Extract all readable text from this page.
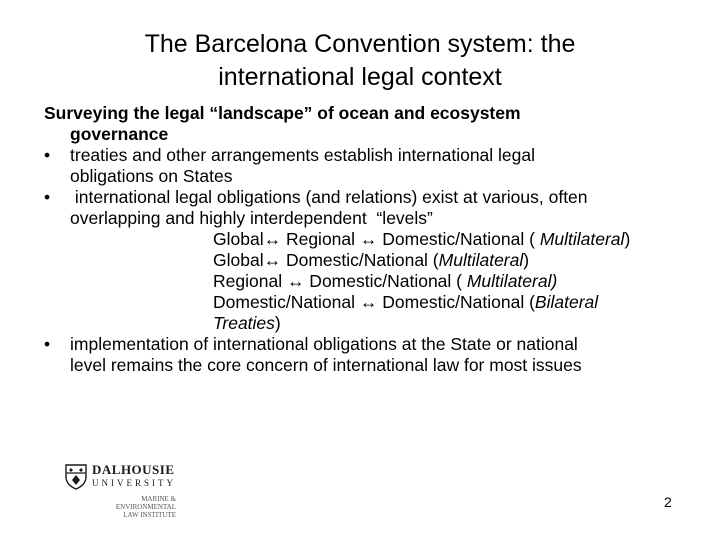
The Barcelona Convention system: the
international legal context
Surveying the legal “landscape” of ocean and ecosystem
governance
•	treaties and other arrangements establish international legal
obligations on States
•	international legal obligations (and relations) exist at various, often
overlapping and highly interdependent  “levels”
Global↔ Regional ↔ Domestic/National ( Multilateral)
Global↔ Domestic/National (Multilateral)
Regional ↔ Domestic/National ( Multilateral)
Domestic/National ↔ Domestic/National (Bilateral
Treaties)
•	implementation of international obligations at the State or national
level remains the core concern of international law for most issues
DALHOUSIE
UNIVERSITY
MARINE &
ENVIRONMENTAL
LAW INSTITUTE
2
